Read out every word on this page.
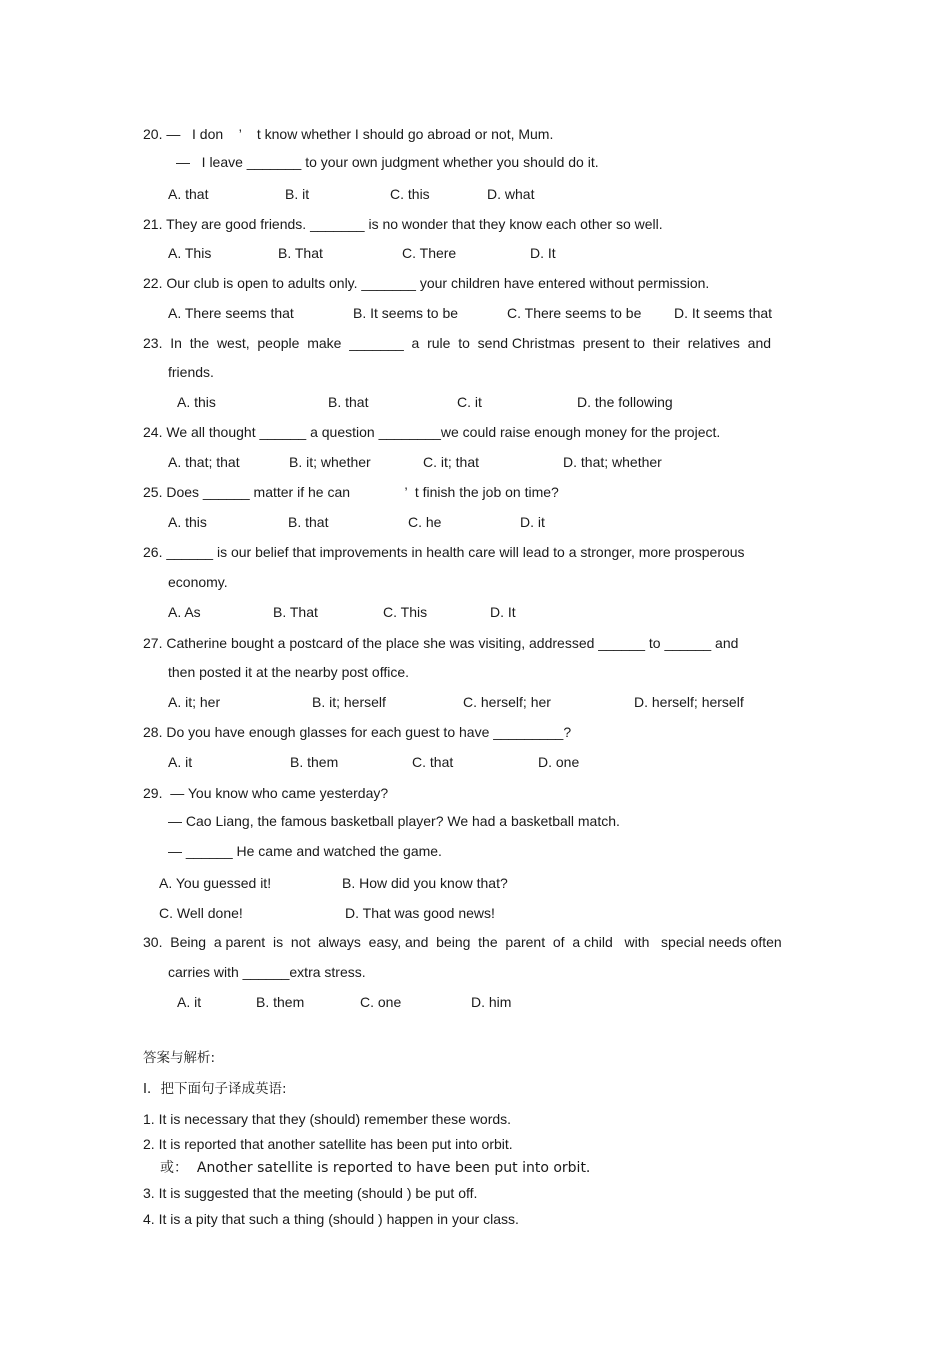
20. —   I don    ’    t know whether I should go abroad or not, Mum.
—   I leave _______ to your own judgment whether you should do it.
A. that	B. it	C. this	D. what
21. They are good friends. _______ is no wonder that they know each other so well.
A. This	B. That	C. There	D. It
22. Our club is open to adults only. _______ your children have entered without permission.
A. There seems that	B. It seems to be	C. There seems to be D. It seems that
23.  In  the  west,  people  make  _______  a  rule  to  send Christmas  present to  their  relatives  and
friends.
A. this	B. that	C. it	D. the following
24. We all thought ______ a question ________we could raise enough money for the project.
A. that; that	B. it; whether	C. it; that	D. that; whether
25. Does ______ matter if he can              ’  t finish the job on time?
A. this	B. that	C. he	D. it
26. ______ is our belief that improvements in health care will lead to a stronger, more prosperous
economy.
A. As	B. That	C. This	D. It
27. Catherine bought a postcard of the place she was visiting, addressed ______ to ______ and
then posted it at the nearby post office.
A. it; her	B. it; herself	C. herself; her	D. herself; herself
28. Do you have enough glasses for each guest to have _________?
A. it	B. them	C. that	D. one
29.  — You know who came yesterday?
— Cao Liang, the famous basketball player? We had a basketball match.
— ______ He came and watched the game.
A. You guessed it!	B. How did you know that?
C. Well done!	D. That was good news!
30.  Being  a parent  is  not  always  easy, and  being  the  parent  of  a child   with   special needs often
carries with ______extra stress.
A. it	B. them	C. one	D. him
答案与解析:
Ⅰ．把下面句子译成英语:
1. It is necessary that they (should) remember these words.
2. It is reported that another satellite has been put into orbit.
或：  Another satellite is reported to have been put into orbit.
3. It is suggested that the meeting (should ) be put off.
4. It is a pity that such a thing (should ) happen in your class.
